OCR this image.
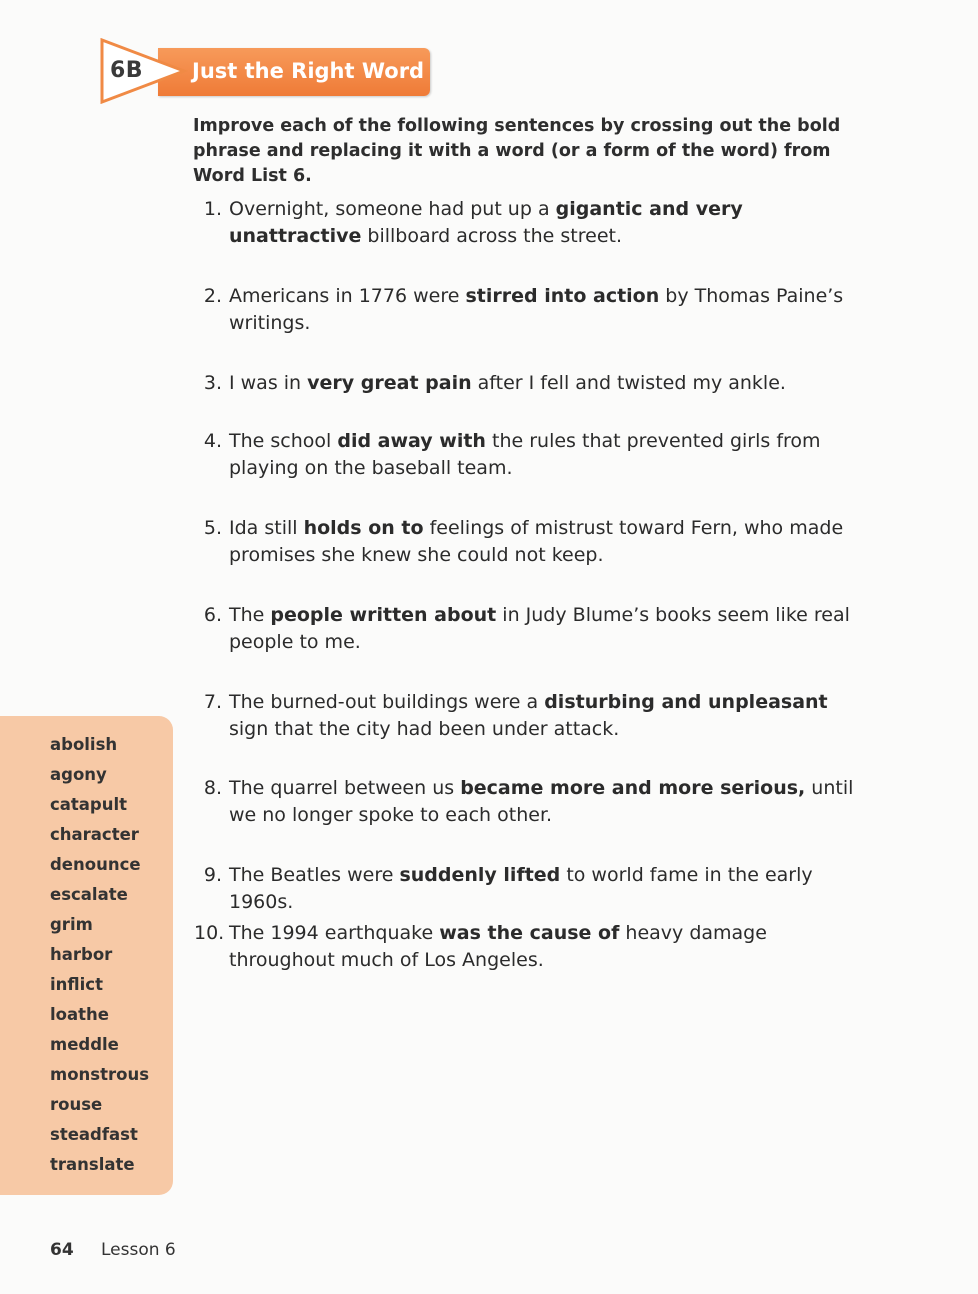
6B Just the Right Word
Improve each of the following sentences by crossing out the bold phrase and replacing it with a word (or a form of the word) from Word List 6.
1. Overnight, someone had put up a gigantic and very unattractive billboard across the street.
2. Americans in 1776 were stirred into action by Thomas Paine’s writings.
3. I was in very great pain after I fell and twisted my ankle.
4. The school did away with the rules that prevented girls from playing on the baseball team.
5. Ida still holds on to feelings of mistrust toward Fern, who made promises she knew she could not keep.
6. The people written about in Judy Blume’s books seem like real people to me.
7. The burned-out buildings were a disturbing and unpleasant sign that the city had been under attack.
8. The quarrel between us became more and more serious, until we no longer spoke to each other.
9. The Beatles were suddenly lifted to world fame in the early 1960s.
10. The 1994 earthquake was the cause of heavy damage throughout much of Los Angeles.
abolish
agony
catapult
character
denounce
escalate
grim
harbor
inflict
loathe
meddle
monstrous
rouse
steadfast
translate
64 Lesson 6
